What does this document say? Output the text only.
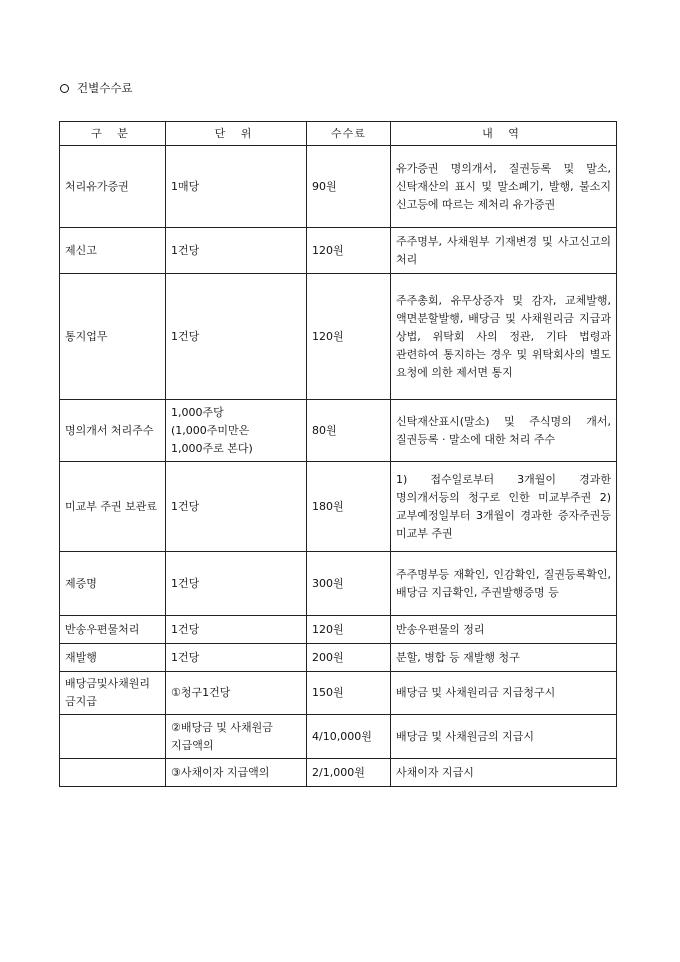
건별수수료
구 분	단 위	수수료	내 역
처리유가증권	1매당	90원	유가증권 명의개서, 질권등록 및 말소, 신탁재산의 표시 및 말소폐기, 발행, 불소지 신고등에 따르는 제처리 유가증권
제신고	1건당	120원	주주명부, 사채원부 기재변경 및 사고신고의 처리
통지업무	1건당	120원	주주총회, 유무상증자 및 감자, 교체발행, 액면분할발행, 배당금 및 사채원리금 지급과 상법, 위탁회 사의 정관, 기타 법령과 관련하여 통지하는 경우 및 위탁회사의 별도 요청에 의한 제서면 통지
명의개서 처리주수	1,000주당 (1,000주미만은 1,000주로 본다)	80원	신탁재산표시(말소) 및 주식명의 개서, 질권등록 · 말소에 대한 처리 주수
미교부 주권 보관료	1건당	180원	1) 접수일로부터 3개월이 경과한 명의개서등의 청구로 인한 미교부주권 2) 교부예정일부터 3개월이 경과한 증자주권등 미교부 주권
제증명	1건당	300원	주주명부등 재확인, 인감확인, 질권등록확인, 배당금 지급확인, 주권발행증명 등
반송우편물처리	1건당	120원	반송우편물의 정리
재발행	1건당	200원	분할, 병합 등 재발행 청구
배당금및사채원리금지급	①청구1건당	150원	배당금 및 사채원리금 지급청구시
	②배당금 및 사채원금 지급액의	4/10,000원	배당금 및 사채원금의 지급시
	③사채이자 지급액의	2/1,000원	사채이자 지급시
